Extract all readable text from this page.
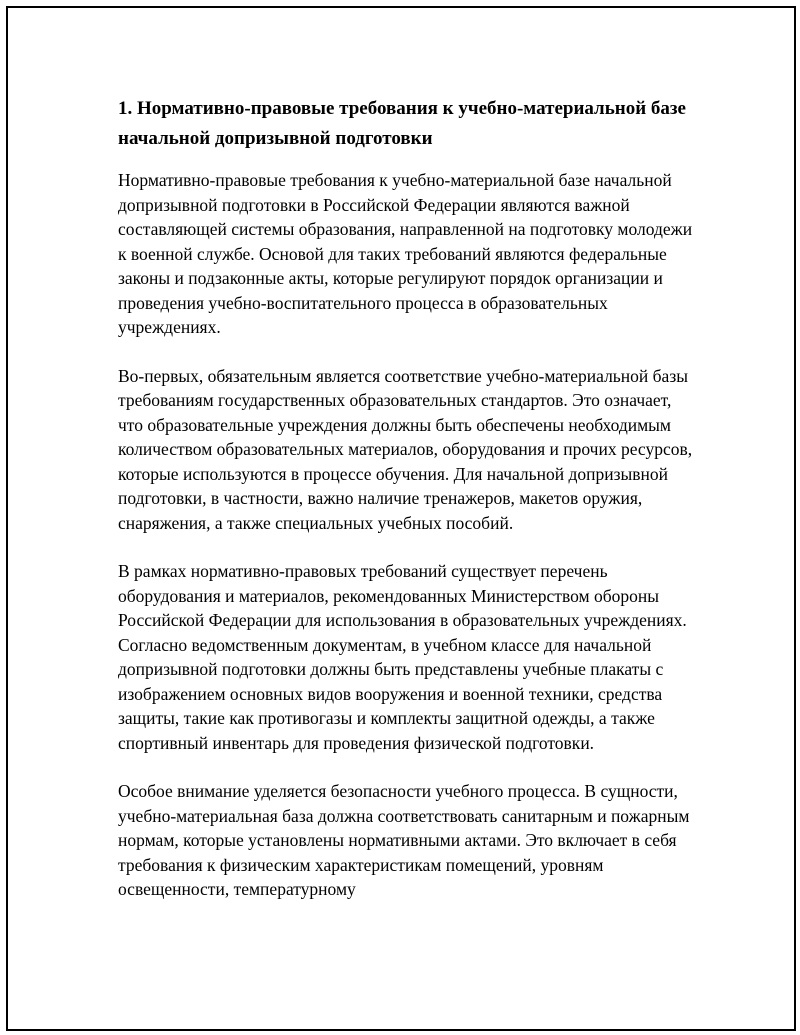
1. Нормативно-правовые требования к учебно-материальной базе начальной допризывной подготовки

Нормативно-правовые требования к учебно-материальной базе начальной допризывной подготовки в Российской Федерации являются важной составляющей системы образования, направленной на подготовку молодежи к военной службе. Основой для таких требований являются федеральные законы и подзаконные акты, которые регулируют порядок организации и проведения учебно-воспитательного процесса в образовательных учреждениях.

Во-первых, обязательным является соответствие учебно-материальной базы требованиям государственных образовательных стандартов. Это означает, что образовательные учреждения должны быть обеспечены необходимым количеством образовательных материалов, оборудования и прочих ресурсов, которые используются в процессе обучения. Для начальной допризывной подготовки, в частности, важно наличие тренажеров, макетов оружия, снаряжения, а также специальных учебных пособий.

В рамках нормативно-правовых требований существует перечень оборудования и материалов, рекомендованных Министерством обороны Российской Федерации для использования в образовательных учреждениях. Согласно ведомственным документам, в учебном классе для начальной допризывной подготовки должны быть представлены учебные плакаты с изображением основных видов вооружения и военной техники, средства защиты, такие как противогазы и комплекты защитной одежды, а также спортивный инвентарь для проведения физической подготовки.

Особое внимание уделяется безопасности учебного процесса. В сущности, учебно-материальная база должна соответствовать санитарным и пожарным нормам, которые установлены нормативными актами. Это включает в себя требования к физическим характеристикам помещений, уровням освещенности, температурному
